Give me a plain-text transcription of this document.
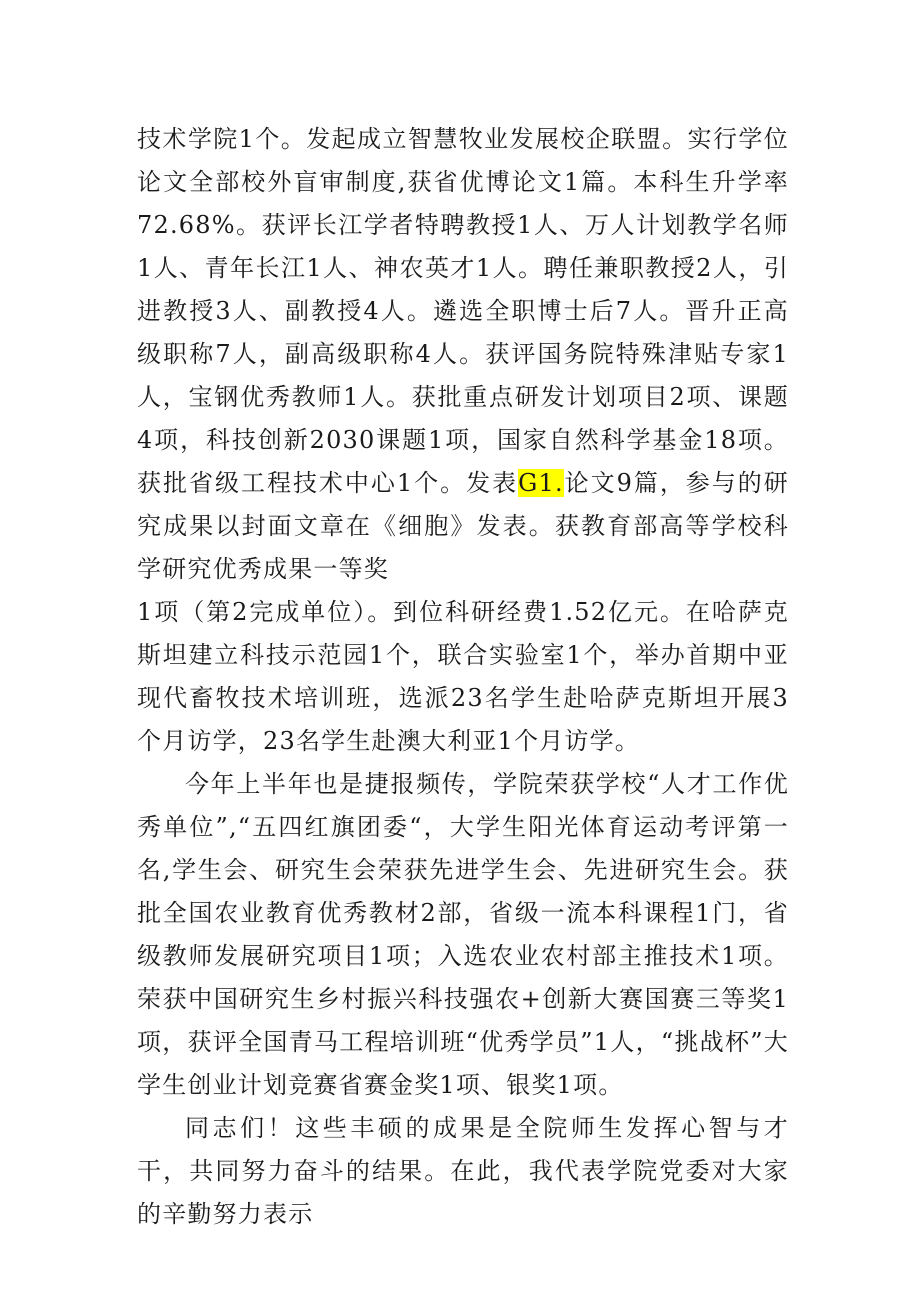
技术学院1个。发起成立智慧牧业发展校企联盟。实行学位论文全部校外盲审制度,获省优博论文1篇。本科生升学率72.68%。获评长江学者特聘教授1人、万人计划教学名师1人、青年长江1人、神农英才1人。聘任兼职教授2人，引进教授3人、副教授4人。遴选全职博士后7人。晋升正高级职称7人，副高级职称4人。获评国务院特殊津贴专家1人，宝钢优秀教师1人。获批重点研发计划项目2项、课题4项，科技创新2030课题1项，国家自然科学基金18项。获批省级工程技术中心1个。发表G1.论文9篇，参与的研究成果以封面文章在《细胞》发表。获教育部高等学校科学研究优秀成果一等奖

1项（第2完成单位）。到位科研经费1.52亿元。在哈萨克斯坦建立科技示范园1个，联合实验室1个，举办首期中亚现代畜牧技术培训班，选派23名学生赴哈萨克斯坦开展3个月访学，23名学生赴澳大利亚1个月访学。

今年上半年也是捷报频传，学院荣获学校“人才工作优秀单位”,“五四红旗团委“，大学生阳光体育运动考评第一名,学生会、研究生会荣获先进学生会、先进研究生会。获批全国农业教育优秀教材2部，省级一流本科课程1门，省级教师发展研究项目1项；入选农业农村部主推技术1项。荣获中国研究生乡村振兴科技强农+创新大赛国赛三等奖1项，获评全国青马工程培训班“优秀学员”1人，“挑战杯”大学生创业计划竞赛省赛金奖1项、银奖1项。

同志们！这些丰硕的成果是全院师生发挥心智与才干，共同努力奋斗的结果。在此，我代表学院党委对大家的辛勤努力表示
